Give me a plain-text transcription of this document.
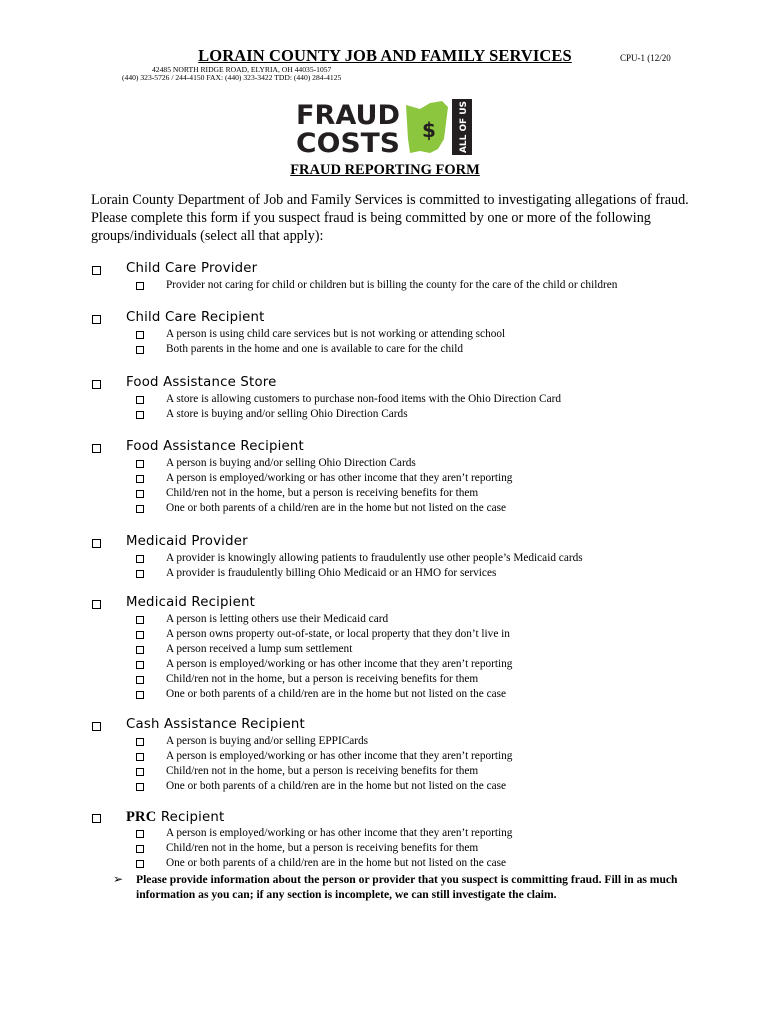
LORAIN COUNTY JOB AND FAMILY SERVICES	CPU-1 (12/20
42485 NORTH RIDGE ROAD, ELYRIA, OH 44035-1057
(440) 323-5726 / 244-4150 FAX: (440) 323-3422 TDD: (440) 284-4125
FRAUD
COSTS $	ALL OF US
FRAUD REPORTING FORM
Lorain County Department of Job and Family Services is committed to investigating allegations of fraud. Please complete this form if you suspect fraud is being committed by one or more of the following groups/individuals (select all that apply):
Child Care Provider
Provider not caring for child or children but is billing the county for the care of the child or children
Child Care Recipient
A person is using child care services but is not working or attending school
Both parents in the home and one is available to care for the child
Food Assistance Store
A store is allowing customers to purchase non-food items with the Ohio Direction Card
A store is buying and/or selling Ohio Direction Cards
Food Assistance Recipient
A person is buying and/or selling Ohio Direction Cards
A person is employed/working or has other income that they aren’t reporting
Child/ren not in the home, but a person is receiving benefits for them
One or both parents of a child/ren are in the home but not listed on the case
Medicaid Provider
A provider is knowingly allowing patients to fraudulently use other people’s Medicaid cards
A provider is fraudulently billing Ohio Medicaid or an HMO for services
Medicaid Recipient
A person is letting others use their Medicaid card
A person owns property out-of-state, or local property that they don’t live in
A person received a lump sum settlement
A person is employed/working or has other income that they aren’t reporting
Child/ren not in the home, but a person is receiving benefits for them
One or both parents of a child/ren are in the home but not listed on the case
Cash Assistance Recipient
A person is buying and/or selling EPPICards
A person is employed/working or has other income that they aren’t reporting
Child/ren not in the home, but a person is receiving benefits for them
One or both parents of a child/ren are in the home but not listed on the case
PRC Recipient
A person is employed/working or has other income that they aren’t reporting
Child/ren not in the home, but a person is receiving benefits for them
One or both parents of a child/ren are in the home but not listed on the case
➢ Please provide information about the person or provider that you suspect is committing fraud. Fill in as much information as you can; if any section is incomplete, we can still investigate the claim.
